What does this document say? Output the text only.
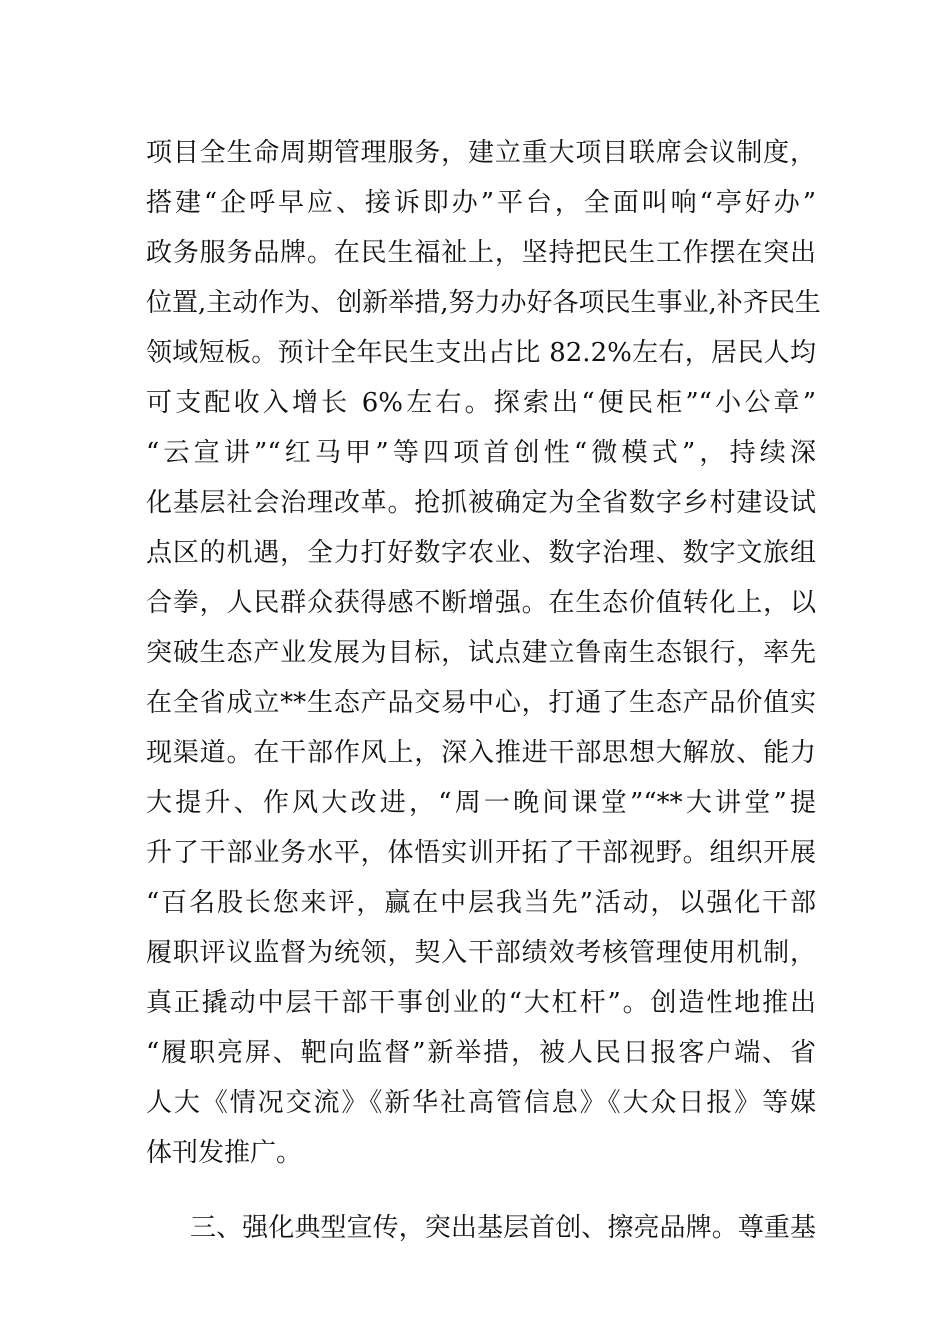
项目全生命周期管理服务，建立重大项目联席会议制度，
搭建“企呼早应、接诉即办”平台，全面叫响“亭好办”
政务服务品牌。在民生福祉上，坚持把民生工作摆在突出
位置,主动作为、创新举措,努力办好各项民生事业,补齐民生
领域短板。预计全年民生支出占比 82.2%左右，居民人均
可支配收入增长 6%左右。探索出“便民柜”“小公章”
“云宣讲”“红马甲”等四项首创性“微模式”，持续深
化基层社会治理改革。抢抓被确定为全省数字乡村建设试
点区的机遇，全力打好数字农业、数字治理、数字文旅组
合拳，人民群众获得感不断增强。在生态价值转化上，以
突破生态产业发展为目标，试点建立鲁南生态银行，率先
在全省成立**生态产品交易中心，打通了生态产品价值实
现渠道。在干部作风上，深入推进干部思想大解放、能力
大提升、作风大改进，“周一晚间课堂”“**大讲堂”提
升了干部业务水平，体悟实训开拓了干部视野。组织开展
“百名股长您来评，赢在中层我当先”活动，以强化干部
履职评议监督为统领，契入干部绩效考核管理使用机制，
真正撬动中层干部干事创业的“大杠杆”。创造性地推出
“履职亮屏、靶向监督”新举措，被人民日报客户端、省
人大《情况交流》《新华社高管信息》《大众日报》等媒
体刊发推广。
三、强化典型宣传，突出基层首创、擦亮品牌。尊重基
